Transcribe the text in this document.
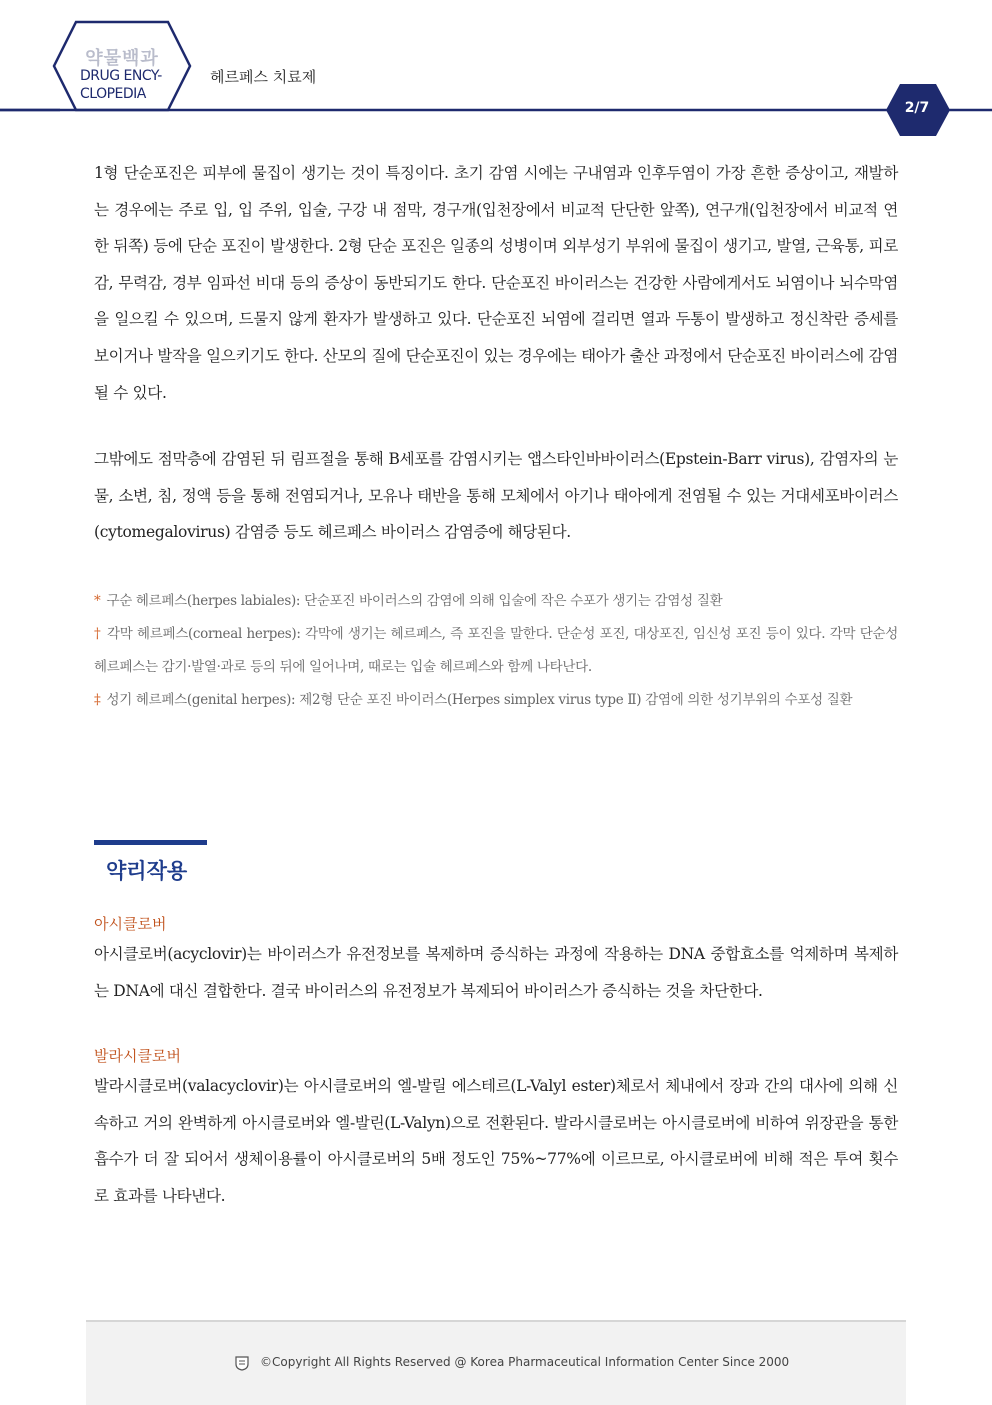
약물백과
DRUG ENCY-
CLOPEDIA
헤르페스 치료제
2/7

1형 단순포진은 피부에 물집이 생기는 것이 특징이다. 초기 감염 시에는 구내염과 인후두염이 가장 흔한 증상이고, 재발하는 경우에는 주로 입, 입 주위, 입술, 구강 내 점막, 경구개(입천장에서 비교적 단단한 앞쪽), 연구개(입천장에서 비교적 연한 뒤쪽) 등에 단순 포진이 발생한다. 2형 단순 포진은 일종의 성병이며 외부성기 부위에 물집이 생기고, 발열, 근육통, 피로감, 무력감, 경부 임파선 비대 등의 증상이 동반되기도 한다. 단순포진 바이러스는 건강한 사람에게서도 뇌염이나 뇌수막염을 일으킬 수 있으며, 드물지 않게 환자가 발생하고 있다. 단순포진 뇌염에 걸리면 열과 두통이 발생하고 정신착란 증세를 보이거나 발작을 일으키기도 한다. 산모의 질에 단순포진이 있는 경우에는 태아가 출산 과정에서 단순포진 바이러스에 감염될 수 있다.

그밖에도 점막층에 감염된 뒤 림프절을 통해 B세포를 감염시키는 앱스타인바바이러스(Epstein-Barr virus), 감염자의 눈물, 소변, 침, 정액 등을 통해 전염되거나, 모유나 태반을 통해 모체에서 아기나 태아에게 전염될 수 있는 거대세포바이러스(cytomegalovirus) 감염증 등도 헤르페스 바이러스 감염증에 해당된다.

* 구순 헤르페스(herpes labiales): 단순포진 바이러스의 감염에 의해 입술에 작은 수포가 생기는 감염성 질환

† 각막 헤르페스(corneal herpes): 각막에 생기는 헤르페스, 즉 포진을 말한다. 단순성 포진, 대상포진, 임신성 포진 등이 있다. 각막 단순성 헤르페스는 감기·발열·과로 등의 뒤에 일어나며, 때로는 입술 헤르페스와 함께 나타난다.

‡ 성기 헤르페스(genital herpes): 제2형 단순 포진 바이러스(Herpes simplex virus type Ⅱ) 감염에 의한 성기부위의 수포성 질환

약리작용
아시클로버

아시클로버(acyclovir)는 바이러스가 유전정보를 복제하며 증식하는 과정에 작용하는 DNA 중합효소를 억제하며 복제하는 DNA에 대신 결합한다. 결국 바이러스의 유전정보가 복제되어 바이러스가 증식하는 것을 차단한다.

발라시클로버

발라시클로버(valacyclovir)는 아시클로버의 엘-발릴 에스테르(L-Valyl ester)체로서 체내에서 장과 간의 대사에 의해 신속하고 거의 완벽하게 아시클로버와 엘-발린(L-Valyn)으로 전환된다. 발라시클로버는 아시클로버에 비하여 위장관을 통한 흡수가 더 잘 되어서 생체이용률이 아시클로버의 5배 정도인 75%~77%에 이르므로, 아시클로버에 비해 적은 투여 횟수로 효과를 나타낸다.

©Copyright All Rights Reserved @ Korea Pharmaceutical Information Center Since 2000
